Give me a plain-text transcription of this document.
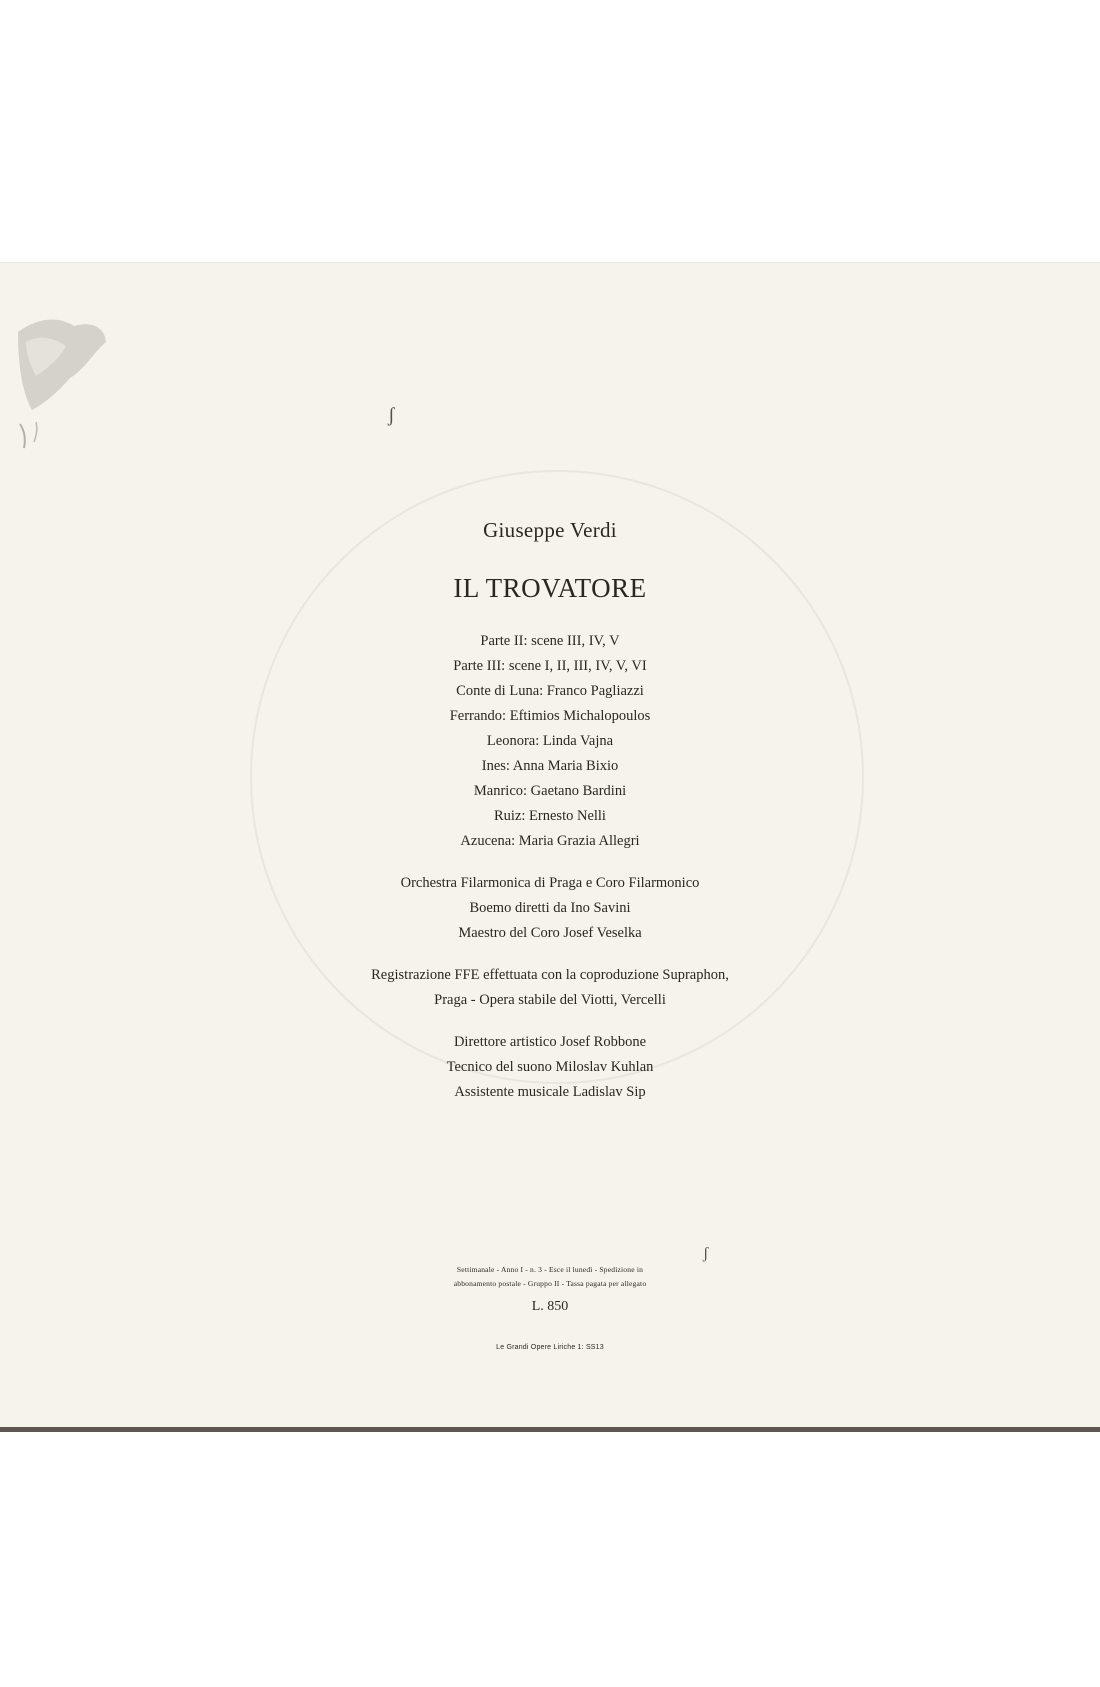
ʃ
ʃ
Giuseppe Verdi
IL TROVATORE
Parte II: scene III, IV, V
Parte III: scene I, II, III, IV, V, VI
Conte di Luna: Franco Pagliazzi
Ferrando: Eftimios Michalopoulos
Leonora: Linda Vajna
Ines: Anna Maria Bixio
Manrico: Gaetano Bardini
Ruiz: Ernesto Nelli
Azucena: Maria Grazia Allegri
Orchestra Filarmonica di Praga e Coro Filarmonico
Boemo diretti da Ino Savini
Maestro del Coro Josef Veselka
Registrazione FFE effettuata con la coproduzione Supraphon,
Praga - Opera stabile del Viotti, Vercelli
Direttore artistico Josef Robbone
Tecnico del suono Miloslav Kuhlan
Assistente musicale Ladislav Sip
Settimanale - Anno I - n. 3 - Esce il lunedì - Spedizione in
abbonamento postale - Gruppo II - Tassa pagata per allegato
L. 850
Le Grandi Opere Liriche 1: SS13
